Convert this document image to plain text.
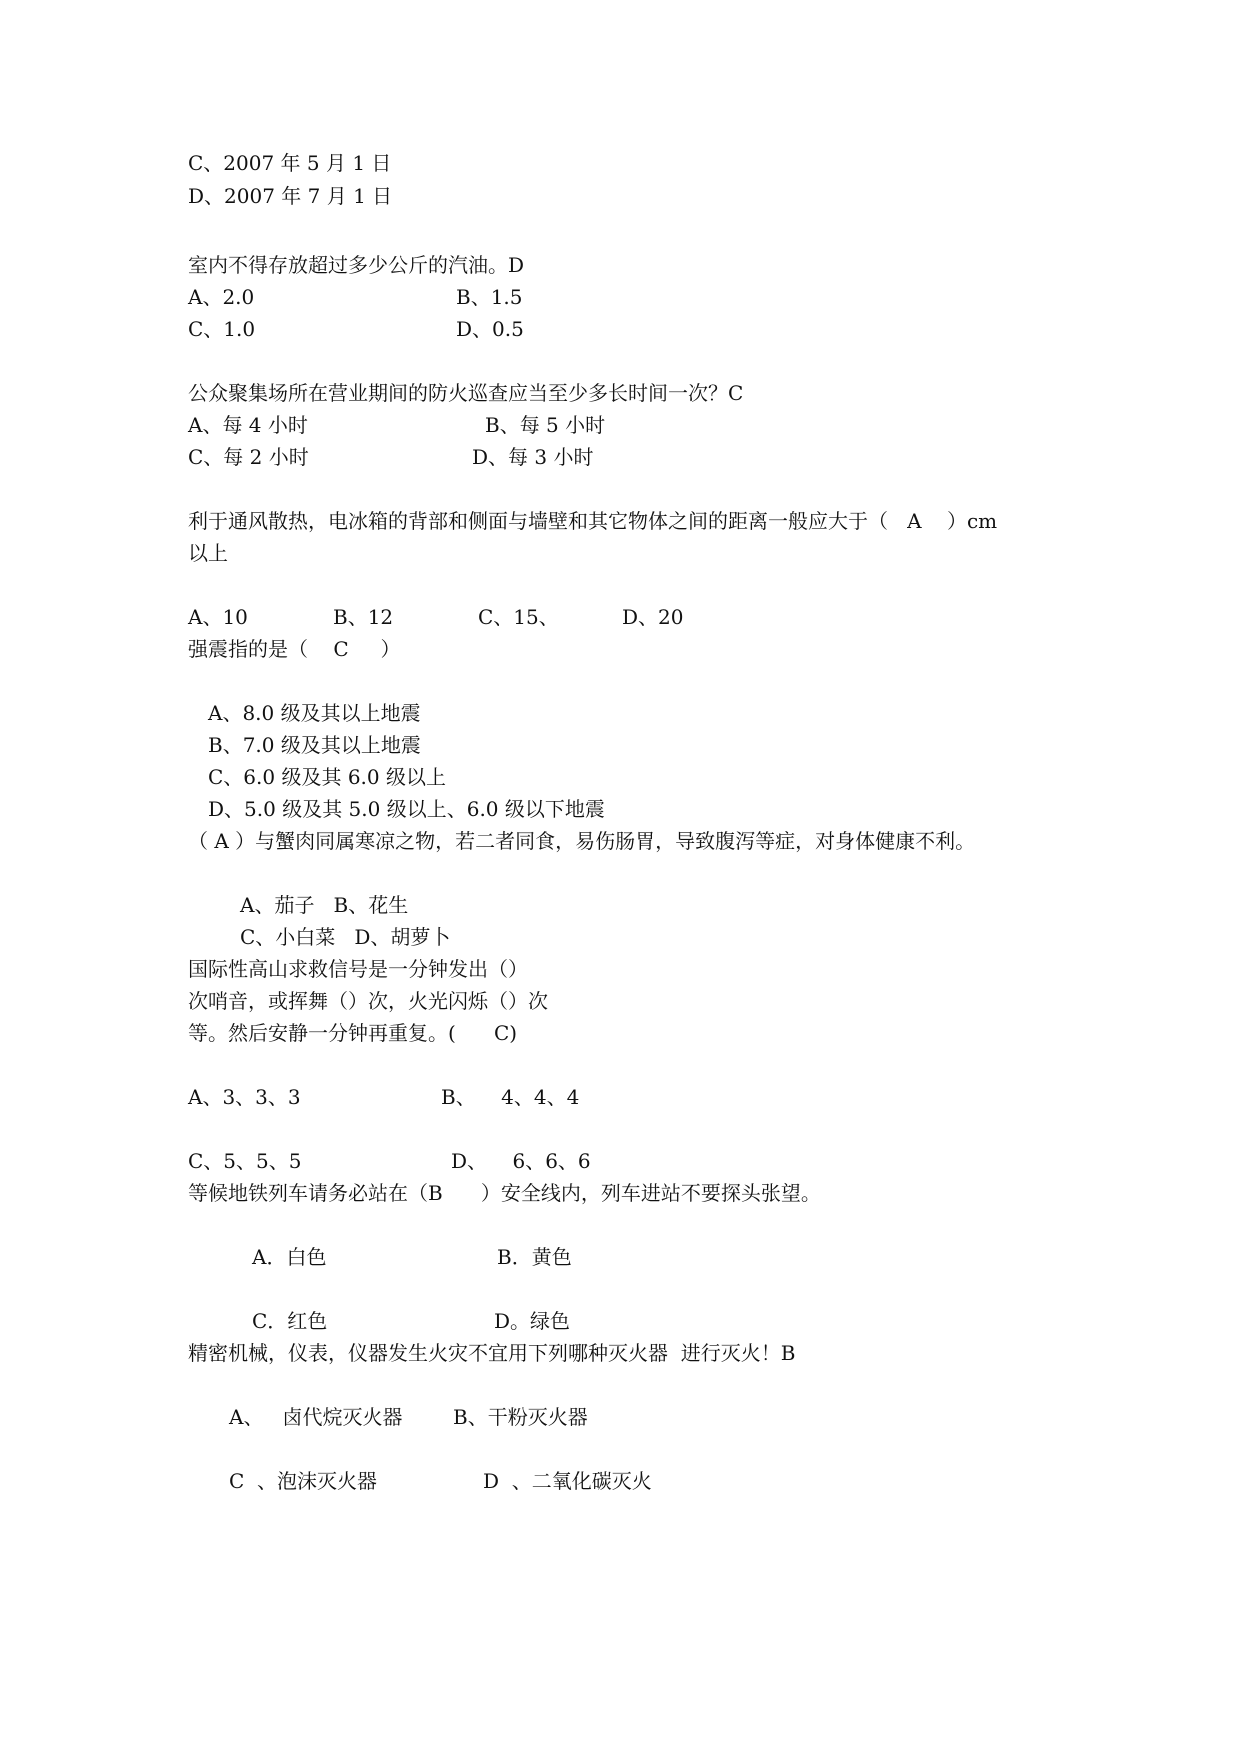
C、2007 年 5 月 1 日
D、2007 年 7 月 1 日
室内不得存放超过多少公斤的汽油。D
A、2.0	B、1.5
C、1.0	D、0.5
公众聚集场所在营业期间的防火巡查应当至少多长时间一次？C
A、每 4 小时	B、每 5 小时
C、每 2 小时	D、每 3 小时
利于通风散热，电冰箱的背部和侧面与墙壁和其它物体之间的距离一般应大于（   A    ）cm
以上
A、10	B、12	C、15、	D、20
强震指的是（    C     ）
A、8.0 级及其以上地震
B、7.0 级及其以上地震
C、6.0 级及其 6.0 级以上
D、5.0 级及其 5.0 级以上、6.0 级以下地震
（ A ）与蟹肉同属寒凉之物，若二者同食，易伤肠胃，导致腹泻等症，对身体健康不利。
A、茄子   B、花生
C、小白菜   D、胡萝卜
国际性高山求救信号是一分钟发出（）
次哨音，或挥舞（）次，火光闪烁（）次
等。然后安静一分钟再重复。(      C)
A、3、3、3	B、    4、4、4
C、5、5、5	D、    6、6、6
等候地铁列车请务必站在（B      ）安全线内，列车进站不要探头张望。
A．白色	B．黄色
C．红色	D。绿色
精密机械，仪表，仪器发生火灾不宜用下列哪种灭火器  进行灭火！B
A、   卤代烷灭火器	B、干粉灭火器
C  、泡沫灭火器	D  、二氧化碳灭火
